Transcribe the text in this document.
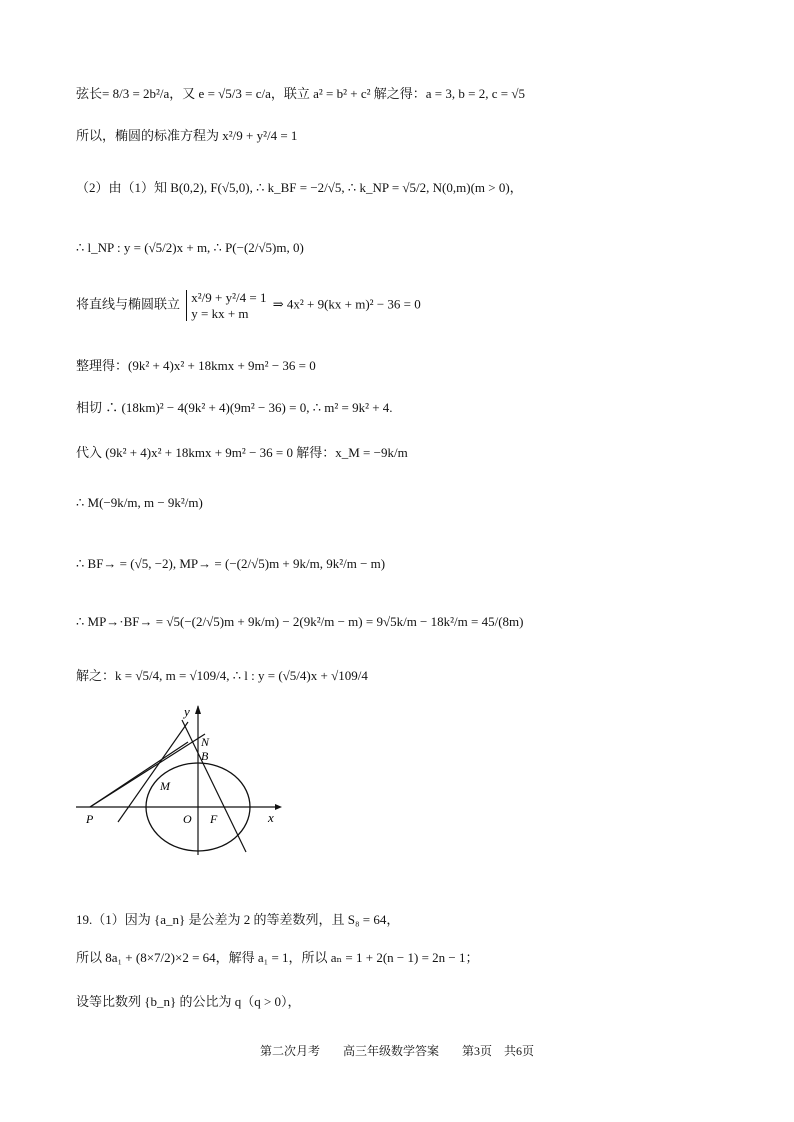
弦长= 8/3 = 2b²/a，又 e = √5/3 = c/a，联立 a² = b² + c² 解之得：a = 3, b = 2, c = √5
所以，椭圆的标准方程为 x²/9 + y²/4 = 1
（2）由（1）知 B(0,2), F(√5,0), ∴ k_BF = −2/√5, ∴ k_NP = √5/2, N(0,m)(m > 0)，
∴ l_NP : y = (√5/2)x + m, ∴ P(−(2/√5)m, 0)
将直线与椭圆联立 x²/9 + y²/4 = 1
y = kx + m
⇒ 4x² + 9(kx + m)² − 36 = 0
整理得：(9k² + 4)x² + 18kmx + 9m² − 36 = 0
相切 ∴ (18km)² − 4(9k² + 4)(9m² − 36) = 0, ∴ m² = 9k² + 4.
代入 (9k² + 4)x² + 18kmx + 9m² − 36 = 0 解得：x_M = −9k/m
∴ M(−9k/m, m − 9k²/m)
∴ BF→ = (√5, −2), MP→ = (−(2/√5)m + 9k/m, 9k²/m − m)
∴ MP→·BF→ = √5(−(2/√5)m + 9k/m) − 2(9k²/m − m) = 9√5k/m − 18k²/m = 45/(8m)
解之：k = √5/4, m = √109/4, ∴ l : y = (√5/4)x + √109/4
y
x
N
B
M
P	O F
19.（1）因为 {a_n} 是公差为 2 的等差数列，且 S₈ = 64，
所以 8a₁ + (8×7/2)×2 = 64，解得 a₁ = 1，所以 aₙ = 1 + 2(n − 1) = 2n − 1；
设等比数列 {b_n} 的公比为 q（q > 0），
第二次月考 高三年级数学答案 第3页 共6页
